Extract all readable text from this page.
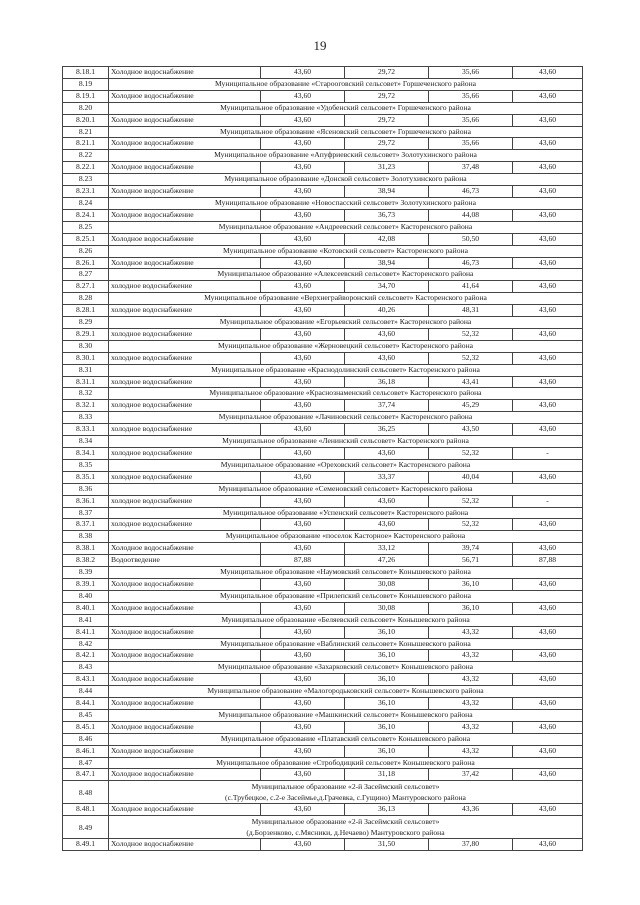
19
8.18.1	Холодное водоснабжение	43,60	29,72	35,66	43,60
8.19	Муниципальное образование «Старооговский сельсовет» Горшеченского района				
8.19.1	Холодное водоснабжение	43,60	29,72	35,66	43,60
8.20	Муниципальное образование «Удобенский сельсовет» Горшеченского района				
8.20.1	Холодное водоснабжение	43,60	29,72	35,66	43,60
8.21	Муниципальное образование «Ясеновский сельсовет» Горшеченского района				
8.21.1	Холодное водоснабжение	43,60	29,72	35,66	43,60
8.22	Муниципальное образование «Апуфриевский сельсовет» Золотухинского района				
8.22.1	Холодное водоснабжение	43,60	31,23	37,48	43,60
8.23	Муниципальное образование «Донской сельсовет» Золотухинского района				
8.23.1	Холодное водоснабжение	43,60	38,94	46,73	43,60
8.24	Муниципальное образование «Новоспасский сельсовет» Золотухинского района				
8.24.1	Холодное водоснабжение	43,60	36,73	44,08	43,60
8.25	Муниципальное образование «Андреевский сельсовет» Касторенского района				
8.25.1	Холодное водоснабжение	43,60	42,08	50,50	43,60
8.26	Муниципальное образование «Котовский сельсовет» Касторенского района				
8.26.1	Холодное водоснабжение	43,60	38,94	46,73	43,60
8.27	Муниципальное образование «Алексеевский сельсовет» Касторенского района				
8.27.1	холодное водоснабжение	43,60	34,70	41,64	43,60
8.28	Муниципальное образование «Верхнеграйворонский сельсовет» Касторенского района				
8.28.1	холодное водоснабжение	43,60	40,26	48,31	43,60
8.29	Муниципальное образование «Егорьевский сельсовет» Касторенского района				
8.29.1	холодное водоснабжение	43,60	43,60	52,32	43,60
8.30	Муниципальное образование «Жерновецкий сельсовет» Касторенского района				
8.30.1	холодное водоснабжение	43,60	43,60	52,32	43,60
8.31	Муниципальное образование «Краснодолинский сельсовет» Касторенского района				
8.31.1	холодное водоснабжение	43,60	36,18	43,41	43,60
8.32	Муниципальное образование «Краснознаменский сельсовет» Касторенского района				
8.32.1	холодное водоснабжение	43,60	37,74	45,29	43,60
8.33	Муниципальное образование «Лачиновский сельсовет» Касторенского района				
8.33.1	холодное водоснабжение	43,60	36,25	43,50	43,60
8.34	Муниципальное образование «Ленинский сельсовет» Касторенского района				
8.34.1	холодное водоснабжение	43,60	43,60	52,32	-
8.35	Муниципальное образование «Ореховский сельсовет» Касторенского района				
8.35.1	холодное водоснабжение	43,60	33,37	40,04	43,60
8.36	Муниципальное образование «Семеновский сельсовет» Касторенского района				
8.36.1	холодное водоснабжение	43,60	43,60	52,32	-
8.37	Муниципальное образование «Успенский сельсовет» Касторенского района				
8.37.1	холодное водоснабжение	43,60	43,60	52,32	43,60
8.38	Муниципальное образование «поселок Касторное» Касторенского района				
8.38.1	Холодное водоснабжение	43,60	33,12	39,74	43,60
8.38.2	Водоотведение	87,88	47,26	56,71	87,88
8.39	Муниципальное образование «Наумовский сельсовет» Конышевского района				
8.39.1	Холодное водоснабжение	43,60	30,08	36,10	43,60
8.40	Муниципальное образование «Прилепский сельсовет» Конышевского района				
8.40.1	Холодное водоснабжение	43,60	30,08	36,10	43,60
8.41	Муниципальное образование «Беляевский сельсовет» Конышевского района				
8.41.1	Холодное водоснабжение	43,60	36,10	43,32	43,60
8.42	Муниципальное образование «Ваблинский сельсовет» Конышевского района				
8.42.1	Холодное водоснабжение	43,60	36,10	43,32	43,60
8.43	Муниципальное образование «Захарковский сельсовет» Конышевского района				
8.43.1	Холодное водоснабжение	43,60	36,10	43,32	43,60
8.44	Муниципальное образование «Малогородьковский сельсовет» Конышевского района				
8.44.1	Холодное водоснабжение	43,60	36,10	43,32	43,60
8.45	Муниципальное образование «Машкинский сельсовет» Конышевского района				
8.45.1	Холодное водоснабжение	43,60	36,10	43,32	43,60
8.46	Муниципальное образование «Платавский сельсовет» Конышевского района				
8.46.1	Холодное водоснабжение	43,60	36,10	43,32	43,60
8.47	Муниципальное образование «Стрободицкий сельсовет» Конышевского района				
8.47.1	Холодное водоснабжение	43,60	31,18	37,42	43,60
8.48	Муниципальное образование «2-й Засеймский сельсовет»
(с.Трубецкое, с.2-е Засеймье,д.Грачевка, с.Гущино) Мантуровского района				
8.48.1	Холодное водоснабжение	43,60	36,13	43,36	43,60
8.49	Муниципальное образование «2-й Засеймский сельсовет»
(д.Борзенково, с.Мясники, д.Нечаево) Мантуровского района				
8.49.1	Холодное водоснабжение	43,60	31,50	37,80	43,60
